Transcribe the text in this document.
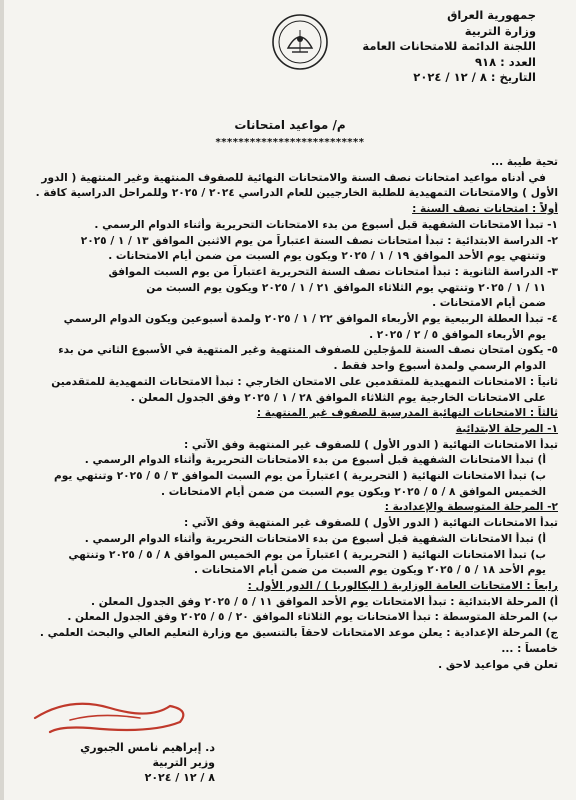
جمهورية العراق
وزارة التربية
اللجنة الدائمة للامتحانات العامة
العدد : ٩١٨
التاريخ : ٨ / ١٢ / ٢٠٢٤
م/ مواعيد امتحانات
**************************
تحية طيبة ...
في أدناه مواعيد امتحانات نصف السنة والامتحانات النهائية للصفوف المنتهية وغير المنتهية ( الدور
الأول ) والامتحانات التمهيدية للطلبة الخارجيين للعام الدراسي ٢٠٢٤ / ٢٠٢٥ وللمراحل الدراسية كافة .
أولاً : امتحانات نصف السنة :
١- تبدأ الامتحانات الشفهية قبل أسبوع من بدء الامتحانات التحريرية وأثناء الدوام الرسمي .
٢- الدراسة الابتدائية : تبدأ امتحانات نصف السنة اعتباراً من يوم الاثنين الموافق ١٣ / ١ / ٢٠٢٥
وتنتهي يوم الأحد الموافق ١٩ / ١ / ٢٠٢٥ ويكون يوم السبت من ضمن أيام الامتحانات .
٣- الدراسة الثانوية : تبدأ امتحانات نصف السنة التحريرية اعتباراً من يوم السبت الموافق
١١ / ١ / ٢٠٢٥ وتنتهي يوم الثلاثاء الموافق ٢١ / ١ / ٢٠٢٥ ويكون يوم السبت من
ضمن أيام الامتحانات .
٤- تبدأ العطلة الربيعية يوم الأربعاء الموافق ٢٢ / ١ / ٢٠٢٥ ولمدة أسبوعين ويكون الدوام الرسمي
يوم الأربعاء الموافق ٥ / ٢ / ٢٠٢٥ .
٥- يكون امتحان نصف السنة للمؤجلين للصفوف المنتهية وغير المنتهية في الأسبوع الثاني من بدء
الدوام الرسمي ولمدة أسبوع واحد فقط .
ثانياً : الامتحانات التمهيدية للمتقدمين على الامتحان الخارجي : تبدأ الامتحانات التمهيدية للمتقدمين
على الامتحانات الخارجية يوم الثلاثاء الموافق ٢٨ / ١ / ٢٠٢٥ وفق الجدول المعلن .
ثالثاً : الامتحانات النهائية المدرسية للصفوف غير المنتهية :
١- المرحلة الابتدائية
تبدأ الامتحانات النهائية ( الدور الأول ) للصفوف غير المنتهية وفق الآتي :
أ) تبدأ الامتحانات الشفهية قبل أسبوع من بدء الامتحانات التحريرية وأثناء الدوام الرسمي .
ب) تبدأ الامتحانات النهائية ( التحريرية ) اعتباراً من يوم السبت الموافق ٣ / ٥ / ٢٠٢٥ وتنتهي يوم
الخميس الموافق ٨ / ٥ / ٢٠٢٥ ويكون يوم السبت من ضمن أيام الامتحانات .
٢- المرحلة المتوسطة والإعدادية :
تبدأ الامتحانات النهائية ( الدور الأول ) للصفوف غير المنتهية وفق الآتي :
أ) تبدأ الامتحانات الشفهية قبل أسبوع من بدء الامتحانات التحريرية وأثناء الدوام الرسمي .
ب) تبدأ الامتحانات النهائية ( التحريرية ) اعتباراً من يوم الخميس الموافق ٨ / ٥ / ٢٠٢٥ وتنتهي
يوم الأحد ١٨ / ٥ / ٢٠٢٥ ويكون يوم السبت من ضمن أيام الامتحانات .
رابعاً : الامتحانات العامة الوزارية ( البكالوريا ) / الدور الأول :
أ) المرحلة الابتدائية : تبدأ الامتحانات يوم الأحد الموافق ١١ / ٥ / ٢٠٢٥ وفق الجدول المعلن .
ب) المرحلة المتوسطة : تبدأ الامتحانات يوم الثلاثاء الموافق ٢٠ / ٥ / ٢٠٢٥ وفق الجدول المعلن .
ج) المرحلة الإعدادية : يعلن موعد الامتحانات لاحقاً بالتنسيق مع وزارة التعليم العالي والبحث العلمي .
خامساً : ...
تعلن في مواعيد لاحق .
د. إبراهيم نامس الجبوري
وزير التربية
٨ / ١٢ / ٢٠٢٤
